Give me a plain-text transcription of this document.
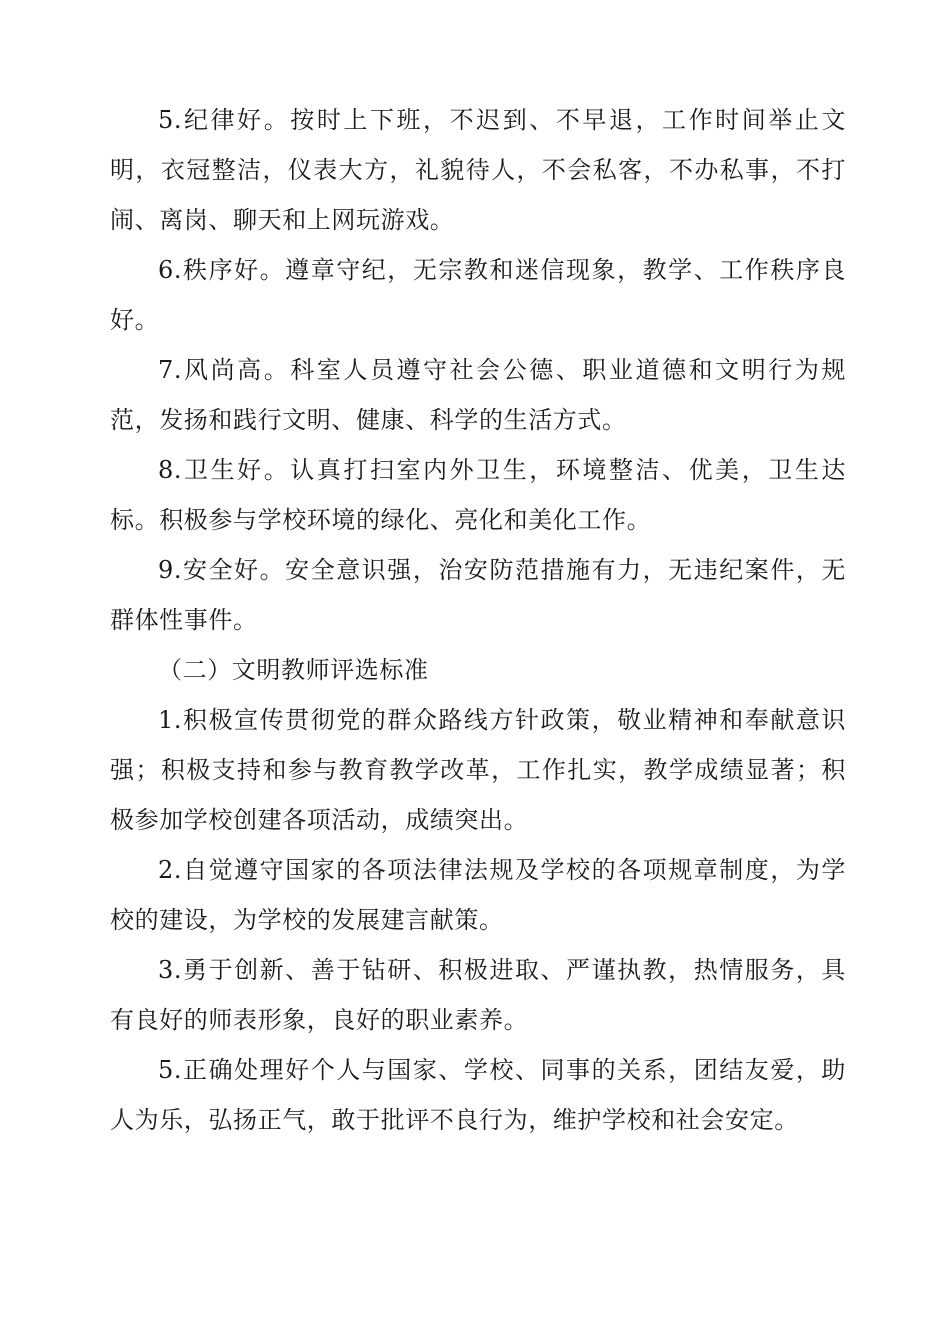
5.纪律好。按时上下班，不迟到、不早退，工作时间举止文明，衣冠整洁，仪表大方，礼貌待人，不会私客，不办私事，不打闹、离岗、聊天和上网玩游戏。

6.秩序好。遵章守纪，无宗教和迷信现象，教学、工作秩序良好。

7.风尚高。科室人员遵守社会公德、职业道德和文明行为规范，发扬和践行文明、健康、科学的生活方式。

8.卫生好。认真打扫室内外卫生，环境整洁、优美，卫生达标。积极参与学校环境的绿化、亮化和美化工作。

9.安全好。安全意识强，治安防范措施有力，无违纪案件，无群体性事件。

（二）文明教师评选标准

1.积极宣传贯彻党的群众路线方针政策，敬业精神和奉献意识强；积极支持和参与教育教学改革，工作扎实，教学成绩显著；积极参加学校创建各项活动，成绩突出。

2.自觉遵守国家的各项法律法规及学校的各项规章制度，为学校的建设，为学校的发展建言献策。

3.勇于创新、善于钻研、积极进取、严谨执教，热情服务，具有良好的师表形象，良好的职业素养。

5.正确处理好个人与国家、学校、同事的关系，团结友爱，助人为乐，弘扬正气，敢于批评不良行为，维护学校和社会安定。
